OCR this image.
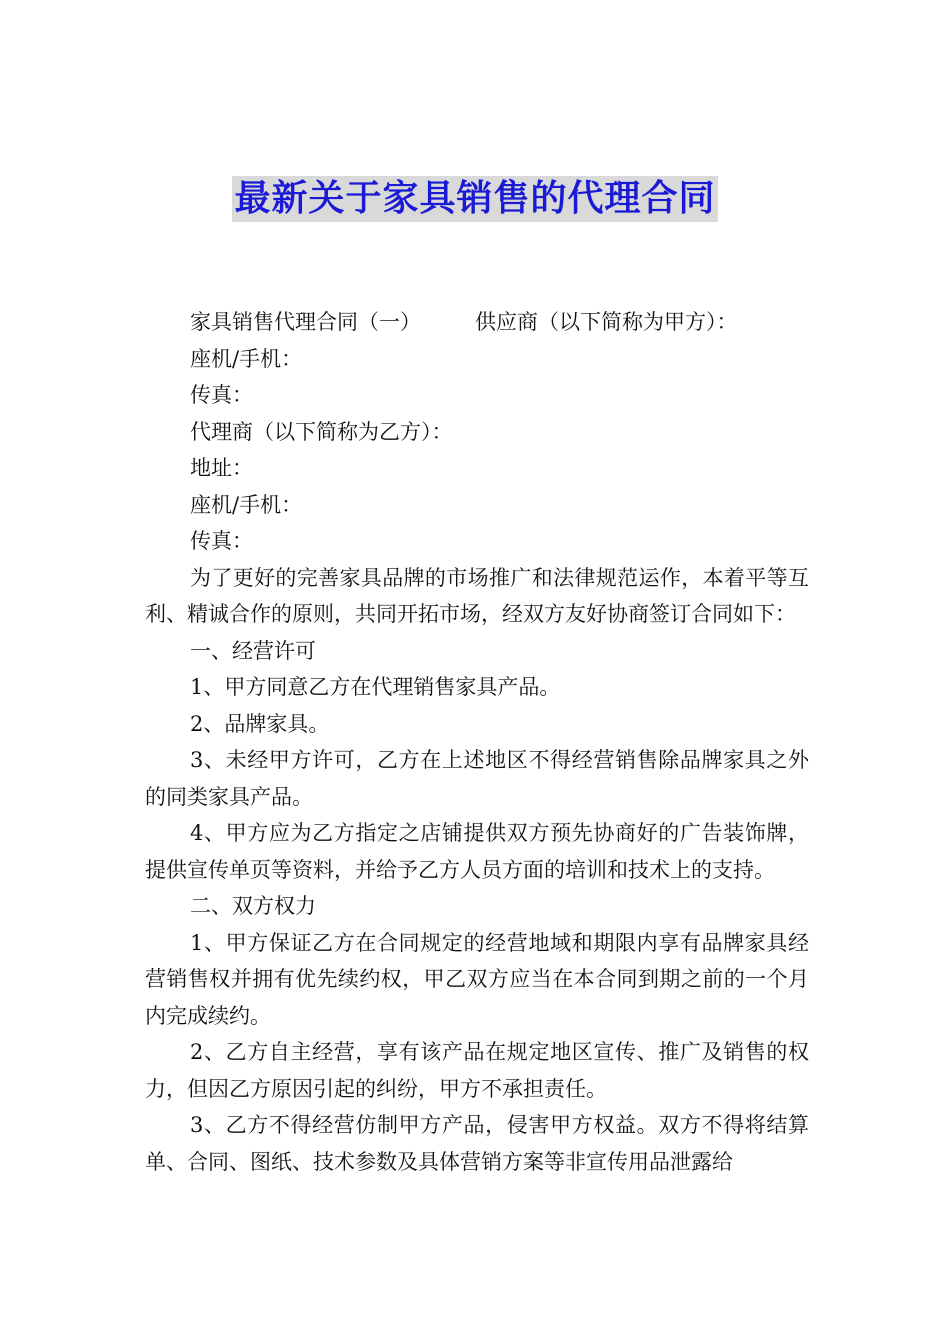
最新关于家具销售的代理合同

家具销售代理合同（一）	供应商（以下简称为甲方）：

座机/手机：

传真：

代理商（以下简称为乙方）：

地址：

座机/手机：

传真：

为了更好的完善家具品牌的市场推广和法律规范运作，本着平等互利、精诚合作的原则，共同开拓市场，经双方友好协商签订合同如下：

一、经营许可

1、甲方同意乙方在代理销售家具产品。

2、品牌家具。

3、未经甲方许可，乙方在上述地区不得经营销售除品牌家具之外的同类家具产品。

4、甲方应为乙方指定之店铺提供双方预先协商好的广告装饰牌，提供宣传单页等资料，并给予乙方人员方面的培训和技术上的支持。

二、双方权力

1、甲方保证乙方在合同规定的经营地域和期限内享有品牌家具经营销售权并拥有优先续约权，甲乙双方应当在本合同到期之前的一个月内完成续约。

2、乙方自主经营，享有该产品在规定地区宣传、推广及销售的权力，但因乙方原因引起的纠纷，甲方不承担责任。

3、乙方不得经营仿制甲方产品，侵害甲方权益。双方不得将结算单、合同、图纸、技术参数及具体营销方案等非宣传用品泄露给
